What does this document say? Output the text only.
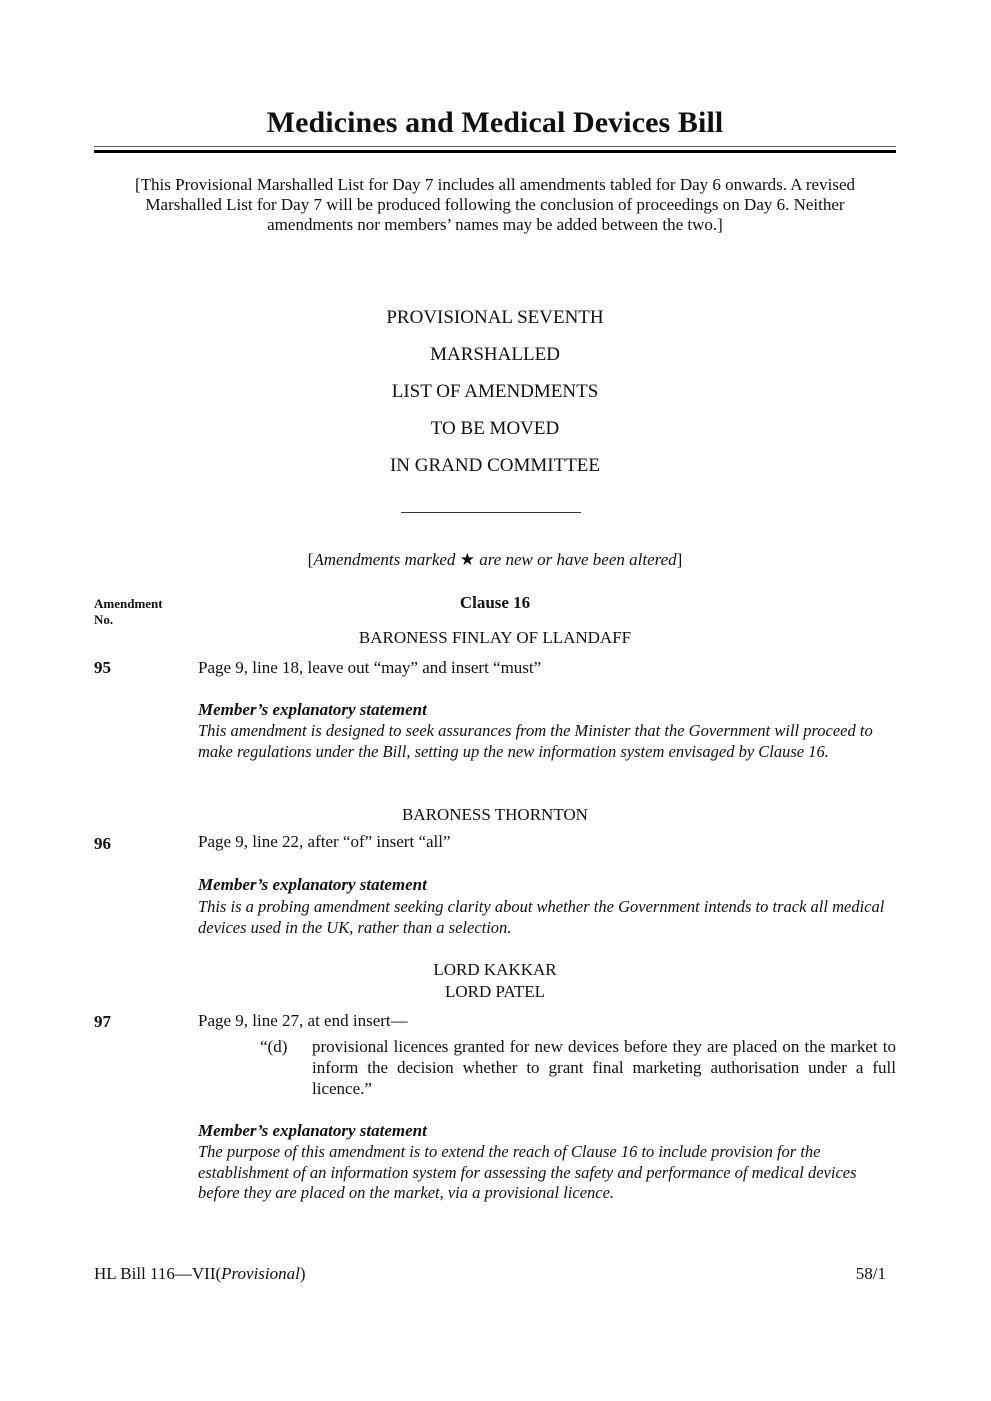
Medicines and Medical Devices Bill
[This Provisional Marshalled List for Day 7 includes all amendments tabled for Day 6 onwards. A revised Marshalled List for Day 7 will be produced following the conclusion of proceedings on Day 6. Neither amendments nor members’ names may be added between the two.]
PROVISIONAL SEVENTH
MARSHALLED
LIST OF AMENDMENTS
TO BE MOVED
IN GRAND COMMITTEE
[Amendments marked ★ are new or have been altered]
Amendment
No.
Clause 16
BARONESS FINLAY OF LLANDAFF
95	Page 9, line 18, leave out “may” and insert “must”
Member’s explanatory statement
This amendment is designed to seek assurances from the Minister that the Government will proceed to make regulations under the Bill, setting up the new information system envisaged by Clause 16.
BARONESS THORNTON
96	Page 9, line 22, after “of” insert “all”
Member’s explanatory statement
This is a probing amendment seeking clarity about whether the Government intends to track all medical devices used in the UK, rather than a selection.
LORD KAKKAR
LORD PATEL
97	Page 9, line 27, at end insert—
“(d) provisional licences granted for new devices before they are placed on the market to inform the decision whether to grant final marketing authorisation under a full licence.”
Member’s explanatory statement
The purpose of this amendment is to extend the reach of Clause 16 to include provision for the establishment of an information system for assessing the safety and performance of medical devices before they are placed on the market, via a provisional licence.
HL Bill 116—VII(Provisional)	58/1
